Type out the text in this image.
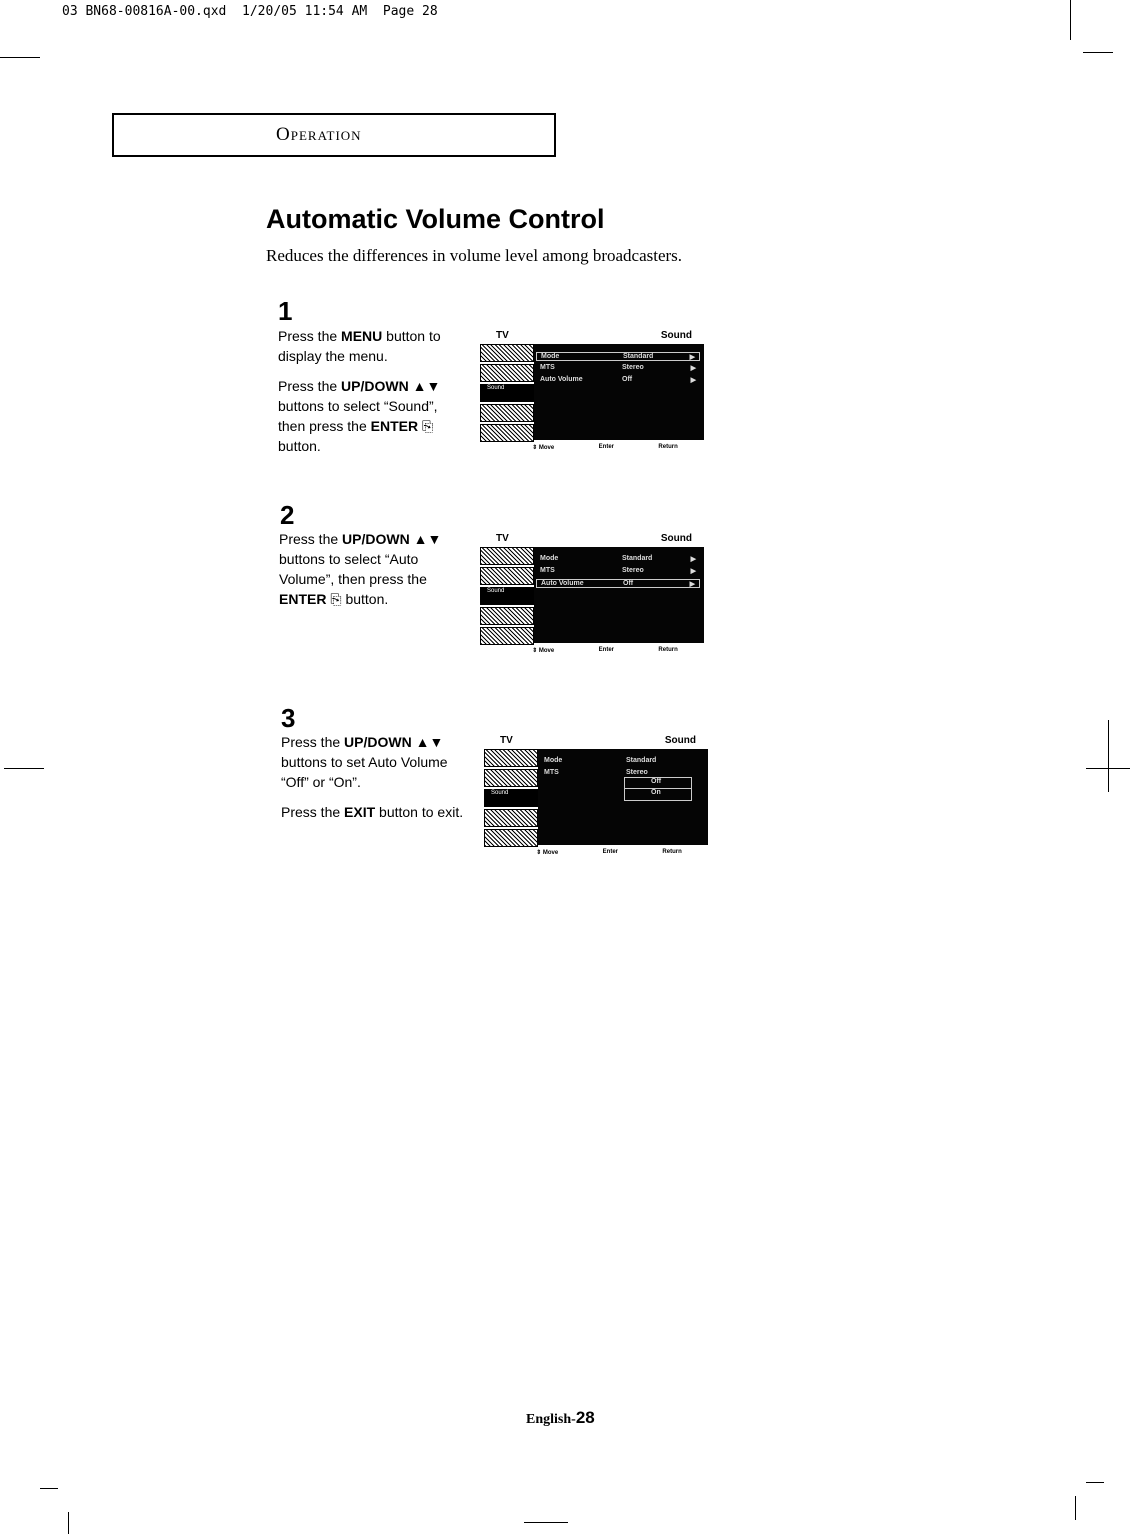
03 BN68-00816A-00.qxd  1/20/05 11:54 AM  Page 28
Operation
Automatic Volume Control
Reduces the differences in volume level among broadcasters.
1

Press the MENU button to display the menu.

Press the UP/DOWN ▲▼ buttons to select “Sound”, then press the ENTER ⎘ button.

TV	Sound
Sound
Mode	Standard	▶
MTS	Stereo	▶
Auto Volume	Off	▶
⇕ Move	Enter	Return
2

Press the UP/DOWN ▲▼ buttons to select “Auto Volume”, then press the ENTER ⎘ button.

TV	Sound
Sound
Mode	Standard	▶
MTS	Stereo	▶
Auto Volume	Off	▶
⇕ Move	Enter	Return
3

Press the UP/DOWN ▲▼ buttons to set Auto Volume “Off” or “On”.

Press the EXIT button to exit.

TV	Sound
Sound
Mode	Standard
MTS	Stereo
Off
On
⇕ Move	Enter	Return
English-28
